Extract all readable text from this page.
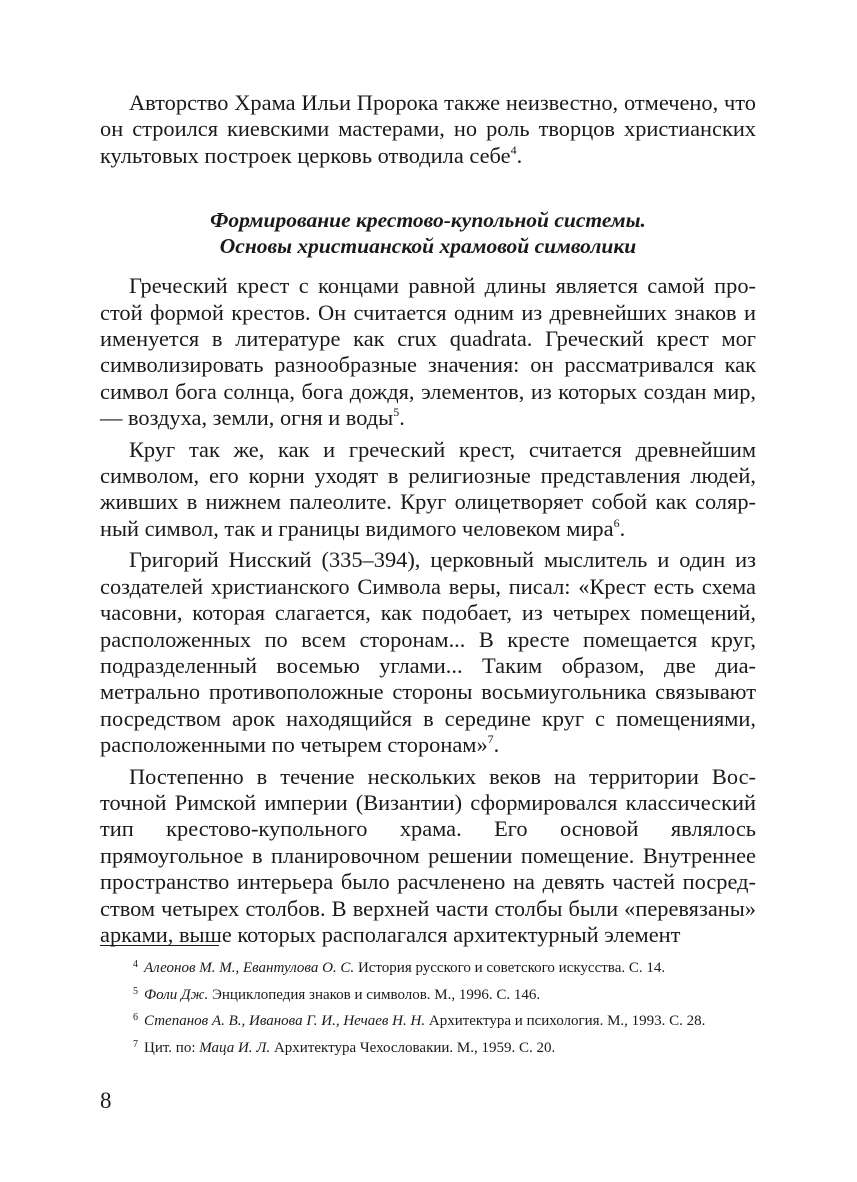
Авторство Храма Ильи Пророка также неизвестно, отмечено, что он строился киевскими мастерами, но роль творцов христианских культовых построек церковь отводила себе$^4$.

Формирование крестово-купольной системы.
Основы христианской храмовой символики

Греческий крест с концами равной длины является самой простой формой крестов. Он считается одним из древнейших знаков и именуется в литературе как crux quadrata. Греческий крест мог символизировать разнообразные значения: он рассматривался как символ бога солнца, бога дождя, элементов, из которых создан мир, — воздуха, земли, огня и воды$^5$.

Круг так же, как и греческий крест, считается древнейшим символом, его корни уходят в религиозные представления людей, живших в нижнем палеолите. Круг олицетворяет собой как солярный символ, так и границы видимого человеком мира$^6$.

Григорий Нисский (335–394), церковный мыслитель и один из создателей христианского Символа веры, писал: «Крест есть схема часовни, которая слагается, как подобает, из четырех помещений, расположенных по всем сторонам... В кресте помещается круг, подразделенный восемью углами... Таким образом, две диаметрально противоположные стороны восьмиугольника связывают посредством арок находящийся в середине круг с помещениями, расположенными по четырем сторонам»$^7$.

Постепенно в течение нескольких веков на территории Восточной Римской империи (Византии) сформировался классический тип крестово-купольного храма. Его основой являлось прямоугольное в планировочном решении помещение. Внутреннее пространство интерьера было расчленено на девять частей посредством четырех столбов. В верхней части столбы были «перевязаны» арками, выше которых располагался архитектурный элемент

$^4$ Алеонов М. М., Евантулова О. С. История русского и советского искусства. С. 14.

$^5$ Фоли Дж. Энциклопедия знаков и символов. М., 1996. С. 146.

$^6$ Степанов А. В., Иванова Г. И., Нечаев Н. Н. Архитектура и психология. М., 1993. С. 28.

$^7$ Цит. по: Маца И. Л. Архитектура Чехословакии. М., 1959. С. 20.

8
